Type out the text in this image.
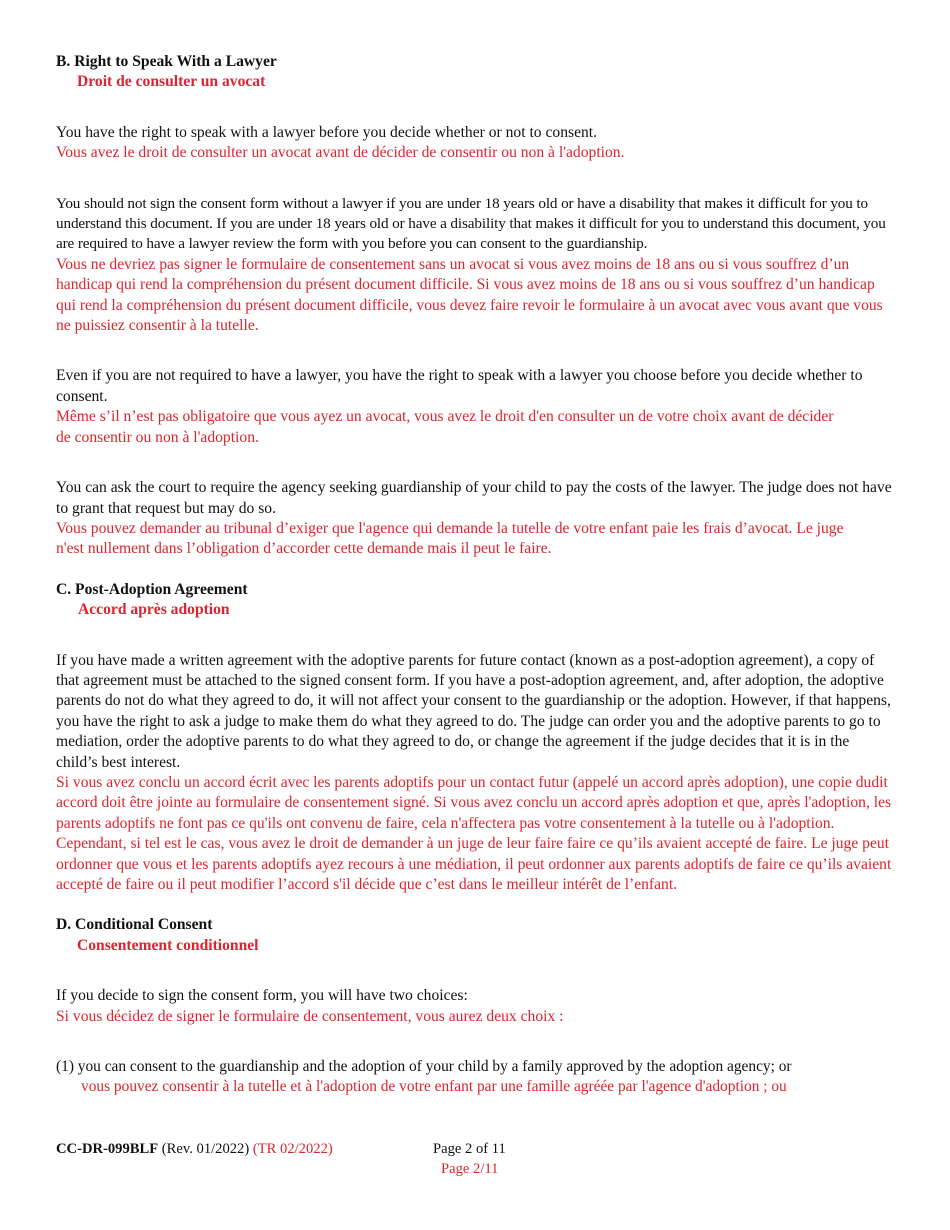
B. Right to Speak With a Lawyer

Droit de consulter un avocat

You have the right to speak with a lawyer before you decide whether or not to consent.

Vous avez le droit de consulter un avocat avant de décider de consentir ou non à l'adoption.

You should not sign the consent form without a lawyer if you are under 18 years old or have a disability that makes it difficult for you to understand this document. If you are under 18 years old or have a disability that makes it difficult for you to understand this document, you are required to have a lawyer review the form with you before you can consent to the guardianship.

Vous ne devriez pas signer le formulaire de consentement sans un avocat si vous avez moins de 18 ans ou si vous souffrez d’un handicap qui rend la compréhension du présent document difficile. Si vous avez moins de 18 ans ou si vous souffrez d’un handicap qui rend la compréhension du présent document difficile, vous devez faire revoir le formulaire à un avocat avec vous avant que vous ne puissiez consentir à la tutelle.

Even if you are not required to have a lawyer, you have the right to speak with a lawyer you choose before you decide whether to consent.

Même s’il n’est pas obligatoire que vous ayez un avocat, vous avez le droit d'en consulter un de votre choix avant de décider de consentir ou non à l'adoption.

You can ask the court to require the agency seeking guardianship of your child to pay the costs of the lawyer. The judge does not have to grant that request but may do so.

Vous pouvez demander au tribunal d’exiger que l'agence qui demande la tutelle de votre enfant paie les frais d’avocat. Le juge n'est nullement dans l’obligation d’accorder cette demande mais il peut le faire.

C. Post-Adoption Agreement

Accord après adoption

If you have made a written agreement with the adoptive parents for future contact (known as a post-adoption agreement), a copy of that agreement must be attached to the signed consent form. If you have a post-adoption agreement, and, after adoption, the adoptive parents do not do what they agreed to do, it will not affect your consent to the guardianship or the adoption. However, if that happens, you have the right to ask a judge to make them do what they agreed to do. The judge can order you and the adoptive parents to go to mediation, order the adoptive parents to do what they agreed to do, or change the agreement if the judge decides that it is in the child’s best interest.

Si vous avez conclu un accord écrit avec les parents adoptifs pour un contact futur (appelé un accord après adoption), une copie dudit accord doit être jointe au formulaire de consentement signé. Si vous avez conclu un accord après adoption et que, après l'adoption, les parents adoptifs ne font pas ce qu'ils ont convenu de faire, cela n'affectera pas votre consentement à la tutelle ou à l'adoption. Cependant, si tel est le cas, vous avez le droit de demander à un juge de leur faire faire ce qu’ils avaient accepté de faire. Le juge peut ordonner que vous et les parents adoptifs ayez recours à une médiation, il peut ordonner aux parents adoptifs de faire ce qu’ils avaient accepté de faire ou il peut modifier l’accord s'il décide que c’est dans le meilleur intérêt de l’enfant.

D. Conditional Consent

Consentement conditionnel

If you decide to sign the consent form, you will have two choices:

Si vous décidez de signer le formulaire de consentement, vous aurez deux choix :

(1) you can consent to the guardianship and the adoption of your child by a family approved by the adoption agency; or

vous pouvez consentir à la tutelle et à l'adoption de votre enfant par une famille agréée par l'agence d'adoption ; ou

CC-DR-099BLF (Rev. 01/2022) (TR 02/2022)	Page 2 of 11
Page 2/11
